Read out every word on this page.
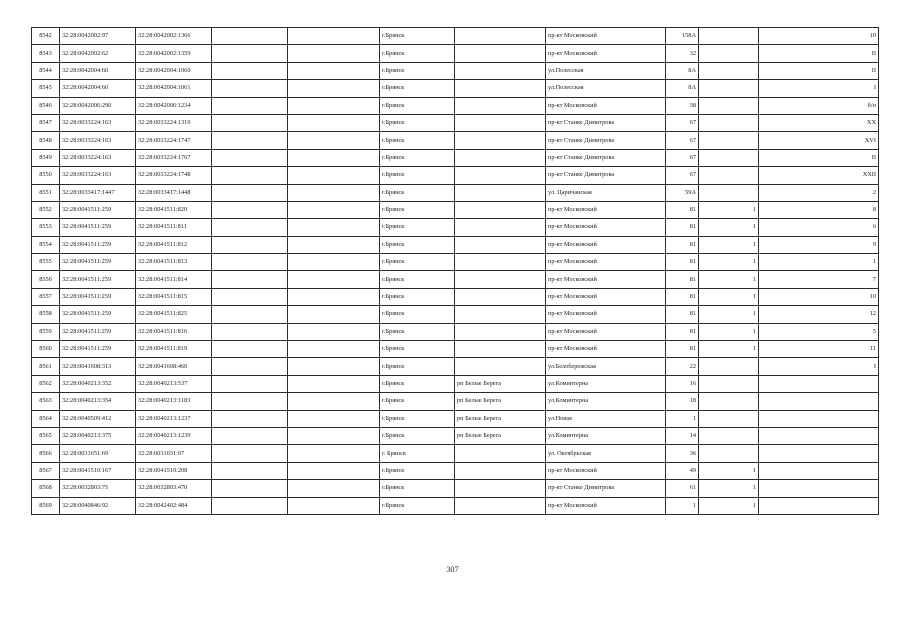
8542	32:28:0042002:97	32:28:0042002:1366			г.Брянск		пр-кт Московский	158А		10
8543	32:28:0042002:62	32:28:0042002:1359			г.Брянск		пр-кт Московский	32		II
8544	32:28:0042004:60	32:28:0042004:1060			г.Брянск		ул.Полесская	8А		II
8545	32:28:0042004:60	32:28:0042004:1061			г.Брянск		ул.Полесская	8А		I
8546	32:28:0042006:290	32:28:0042006:1234			г.Брянск		пр-кт Московский	38		б/н
8547	32:28:0033224:163	32:28:0033224:1310			г.Брянск		пр-кт Станке Димитрова	67		XX
8548	32:28:0033224:163	32:28:0033224:1747			г.Брянск		пр-кт Станке Димитрова	67		XVI
8549	32:28:0033224:163	32:28:0033224:1767			г.Брянск		пр-кт Станке Димитрова	67		II
8550	32:28:0033224:163	32:28:0033224:1748			г.Брянск		пр-кт Станке Димитрова	67		XXII
8551	32:28:0033417:1447	32:28:0033417:1448			г.Брянск		ул. Царичанская	59А		2
8552	32:28:0041511:259	32:28:0041511:820			г.Брянск		пр-кт Московский	81	1	8
8553	32:28:0041511:259	32:28:0041511:811			г.Брянск		пр-кт Московский	81	1	6
8554	32:28:0041511:259	32:28:0041511:812			г.Брянск		пр-кт Московский	81	1	9
8555	32:28:0041511:259	32:28:0041511:813			г.Брянск		пр-кт Московский	81	1	1
8556	32:28:0041511:259	32:28:0041511:814			г.Брянск		пр-кт Московский	81	1	7
8557	32:28:0041511:259	32:28:0041511:815			г.Брянск		пр-кт Московский	81	1	10
8558	32:28:0041511:259	32:28:0041511:825			г.Брянск		пр-кт Московский	81	1	12
8559	32:28:0041511:259	32:28:0041511:816			г.Брянск		пр-кт Московский	81	1	5
8560	32:28:0041511:259	32:28:0041511:819			г.Брянск		пр-кт Московский	81	1	11
8561	32:28:0041608:313	32:28:0041608:460			г.Брянск		ул.Белобережская	22		I
8562	32:28:0040213:352	32:28:0040213:537			г.Брянск	рп Белые Берега	ул.Коминтерна	16		
8563	32:28:0040213:354	32:28:0040213:1183			г.Брянск	рп Белые Берега	ул.Коминтерна	18		
8564	32:28:0040509:412	32:28:0040213:1237			г.Брянск	рп Белые Берега	ул.Новая	1		
8565	32:28:0040213:375	32:28:0040213:1239			г.Брянск	рп Белые Берега	ул.Коминтерна	14		
8566	32:28:0031651:69	32:28:0031651:97			г. Брянск		ул. Октябрьская	36		
8567	32:28:0041510:167	32:28:0041510:208			г.Брянск		пр-кт Московский	49	1	
8568	32:28:0032803:75	32:28:0032803:470			г.Брянск		пр-кт Станке Димитрова	61	1	
8569	32:28:0040846:92	32:28:0042402:484			г.Брянск		пр-кт Московский	1	1	
307
